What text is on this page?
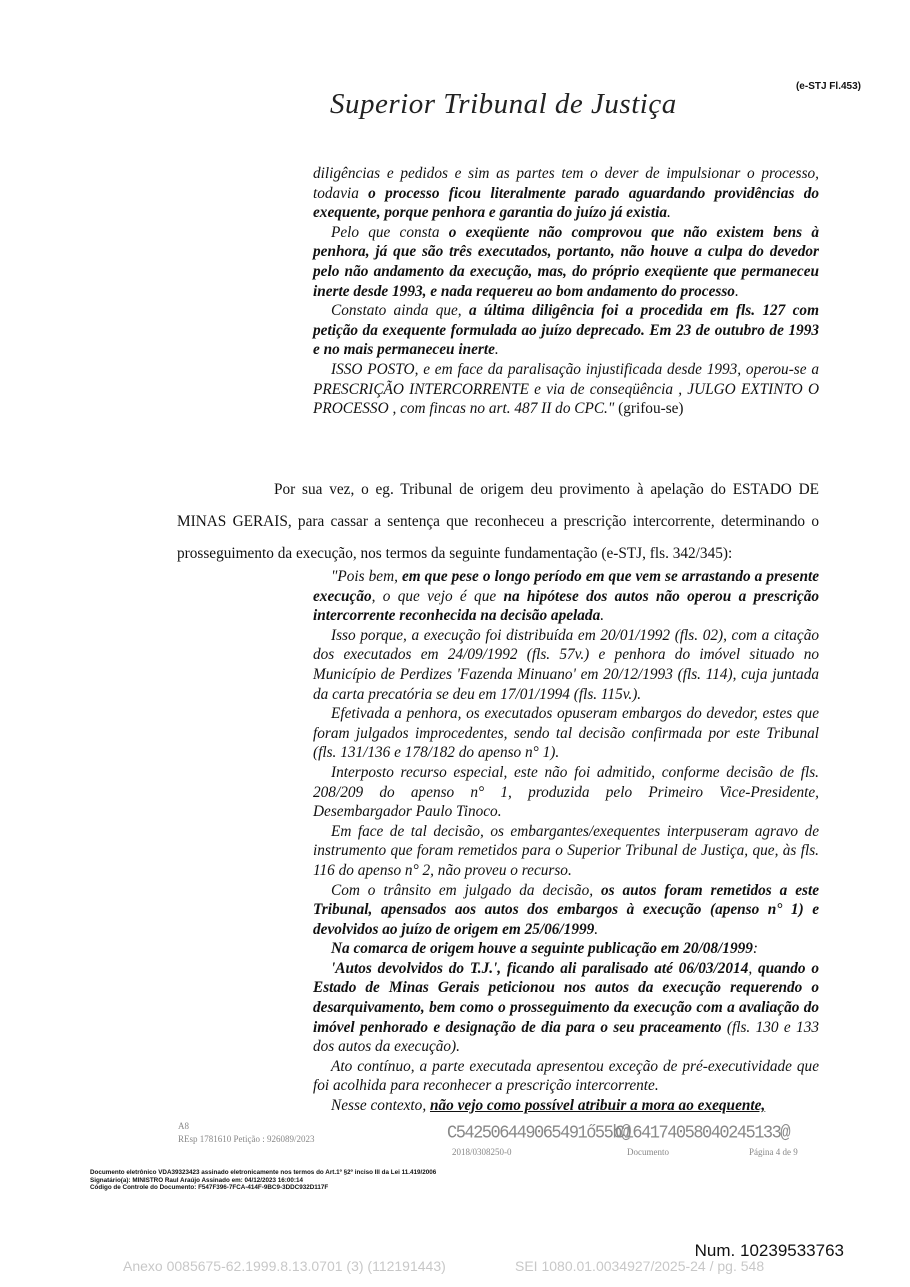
(e-STJ Fl.453)
Superior Tribunal de Justiça

diligências e pedidos e sim as partes tem o dever de impulsionar o processo, todavia o processo ficou literalmente parado aguardando providências do exequente, porque penhora e garantia do juízo já existia.

Pelo que consta o exeqüente não comprovou que não existem bens à penhora, já que são três executados, portanto, não houve a culpa do devedor pelo não andamento da execução, mas, do próprio exeqüente que permaneceu inerte desde 1993, e nada requereu ao bom andamento do processo.

Constato ainda que, a última diligência foi a procedida em fls. 127 com petição da exequente formulada ao juízo deprecado. Em 23 de outubro de 1993 e no mais permaneceu inerte.

ISSO POSTO, e em face da paralisação injustificada desde 1993, operou-se a PRESCRIÇÃO INTERCORRENTE e via de conseqüência , JULGO EXTINTO O PROCESSO , com fincas no art. 487 II do CPC." (grifou-se)

Por sua vez, o eg. Tribunal de origem deu provimento à apelação do ESTADO DE MINAS GERAIS, para cassar a sentença que reconheceu a prescrição intercorrente, determinando o prosseguimento da execução, nos termos da seguinte fundamentação (e-STJ, fls. 342/345):

"Pois bem, em que pese o longo período em que vem se arrastando a presente execução, o que vejo é que na hipótese dos autos não operou a prescrição intercorrente reconhecida na decisão apelada.

Isso porque, a execução foi distribuída em 20/01/1992 (fls. 02), com a citação dos executados em 24/09/1992 (fls. 57v.) e penhora do imóvel situado no Município de Perdizes 'Fazenda Minuano' em 20/12/1993 (fls. 114), cuja juntada da carta precatória se deu em 17/01/1994 (fls. 115v.).

Efetivada a penhora, os executados opuseram embargos do devedor, estes que foram julgados improcedentes, sendo tal decisão confirmada por este Tribunal (fls. 131/136 e 178/182 do apenso n° 1).

Interposto recurso especial, este não foi admitido, conforme decisão de fls. 208/209 do apenso n° 1, produzida pelo Primeiro Vice-Presidente, Desembargador Paulo Tinoco.

Em face de tal decisão, os embargantes/exequentes interpuseram agravo de instrumento que foram remetidos para o Superior Tribunal de Justiça, que, às fls. 116 do apenso n° 2, não proveu o recurso.

Com o trânsito em julgado da decisão, os autos foram remetidos a este Tribunal, apensados aos autos dos embargos à execução (apenso n° 1) e devolvidos ao juízo de origem em 25/06/1999.

Na comarca de origem houve a seguinte publicação em 20/08/1999:

'Autos devolvidos do T.J.', ficando ali paralisado até 06/03/2014, quando o Estado de Minas Gerais peticionou nos autos da execução requerendo o desarquivamento, bem como o prosseguimento da execução com a avaliação do imóvel penhorado e designação de dia para o seu praceamento (fls. 130 e 133 dos autos da execução).

Ato contínuo, a parte executada apresentou exceção de pré-executividade que foi acolhida para reconhecer a prescrição intercorrente.

Nesse contexto, não vejo como possível atribuir a mora ao exequente,

A8
REsp 1781610 Petição : 926089/2023	C542506449065491ő55b@
2018/0308250-0
C164174058040245133@
Documento	Página 4 de 9
Documento eletrônico VDA39323423 assinado eletronicamente nos termos do Art.1º §2º inciso III da Lei 11.419/2006
Signatário(a): MINISTRO Raul Araújo Assinado em: 04/12/2023 16:00:14
Código de Controle do Documento: F547F396-7FCA-414F-9BC9-3DDC932D117F
Num. 10239533763
Anexo 0085675-62.1999.8.13.0701 (3) (112191443)	SEI 1080.01.0034927/2025-24 / pg. 548
